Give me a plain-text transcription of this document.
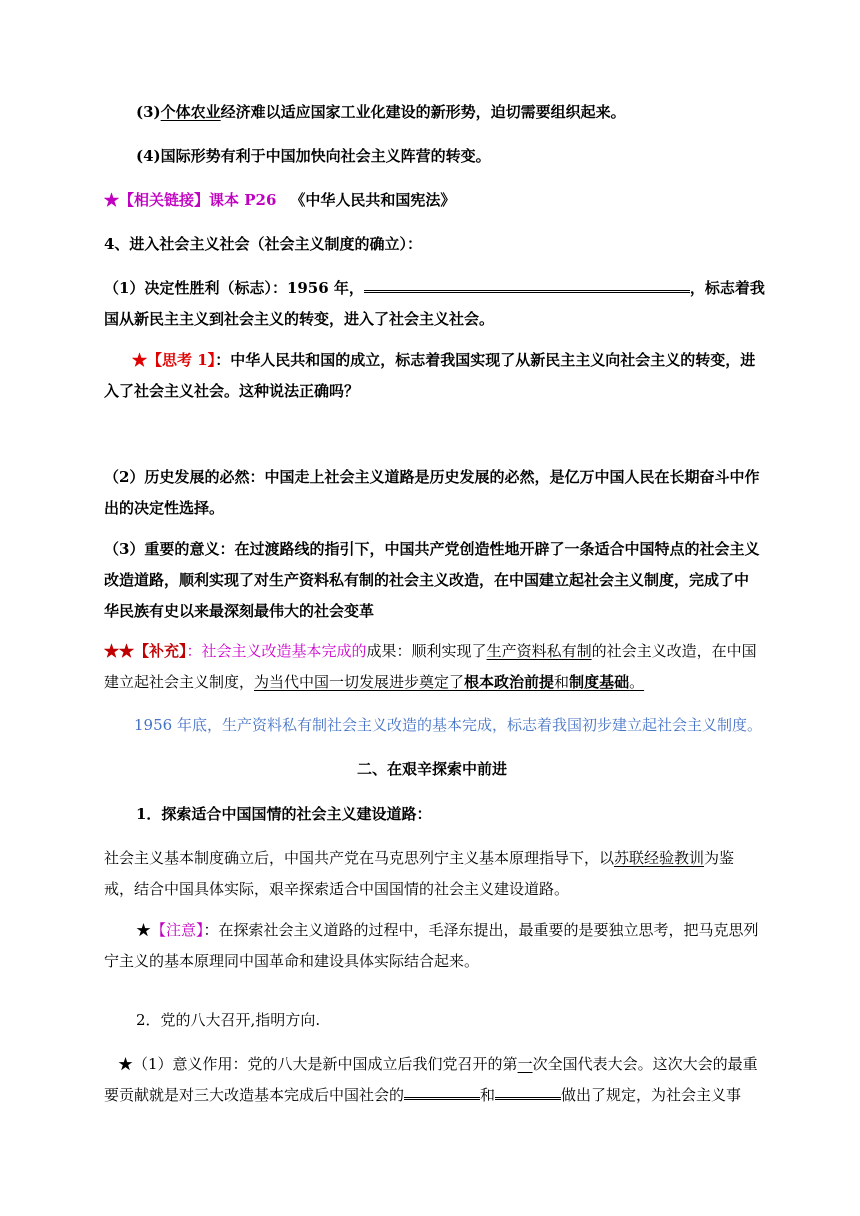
(3)个体农业经济难以适应国家工业化建设的新形势，迫切需要组织起来。
(4)国际形势有利于中国加快向社会主义阵营的转变。
★【相关链接】课本 P26 《中华人民共和国宪法》
4、进入社会主义社会（社会主义制度的确立）：
（1）决定性胜利（标志）：1956 年，	，标志着我
国从新民主主义到社会主义的转变，进入了社会主义社会。
★【思考 1】：中华人民共和国的成立，标志着我国实现了从新民主主义向社会主义的转变，进入了社会主义社会。这种说法正确吗？
（2）历史发展的必然：中国走上社会主义道路是历史发展的必然，是亿万中国人民在长期奋斗中作出的决定性选择。
（3）重要的意义：在过渡路线的指引下，中国共产党创造性地开辟了一条适合中国特点的社会主义改造道路，顺利实现了对生产资料私有制的社会主义改造，在中国建立起社会主义制度，完成了中华民族有史以来最深刻最伟大的社会变革
★★【补充】：社会主义改造基本完成的成果：顺利实现了生产资料私有制的社会主义改造，在中国建立起社会主义制度，为当代中国一切发展进步奠定了根本政治前提和制度基础。
1956 年底，生产资料私有制社会主义改造的基本完成，标志着我国初步建立起社会主义制度。
二、在艰辛探索中前进
1．探索适合中国国情的社会主义建设道路：
社会主义基本制度确立后，中国共产党在马克思列宁主义基本原理指导下，以苏联经验教训为鉴戒，结合中国具体实际，艰辛探索适合中国国情的社会主义建设道路。
★【注意】：在探索社会主义道路的过程中，毛泽东提出，最重要的是要独立思考，把马克思列宁主义的基本原理同中国革命和建设具体实际结合起来。
2．党的八大召开,指明方向.
★（1）意义作用：党的八大是新中国成立后我们党召开的第一次全国代表大会。这次大会的最重要贡献就是对三大改造基本完成后中国社会的	和	做出了规定，为社会主义事
